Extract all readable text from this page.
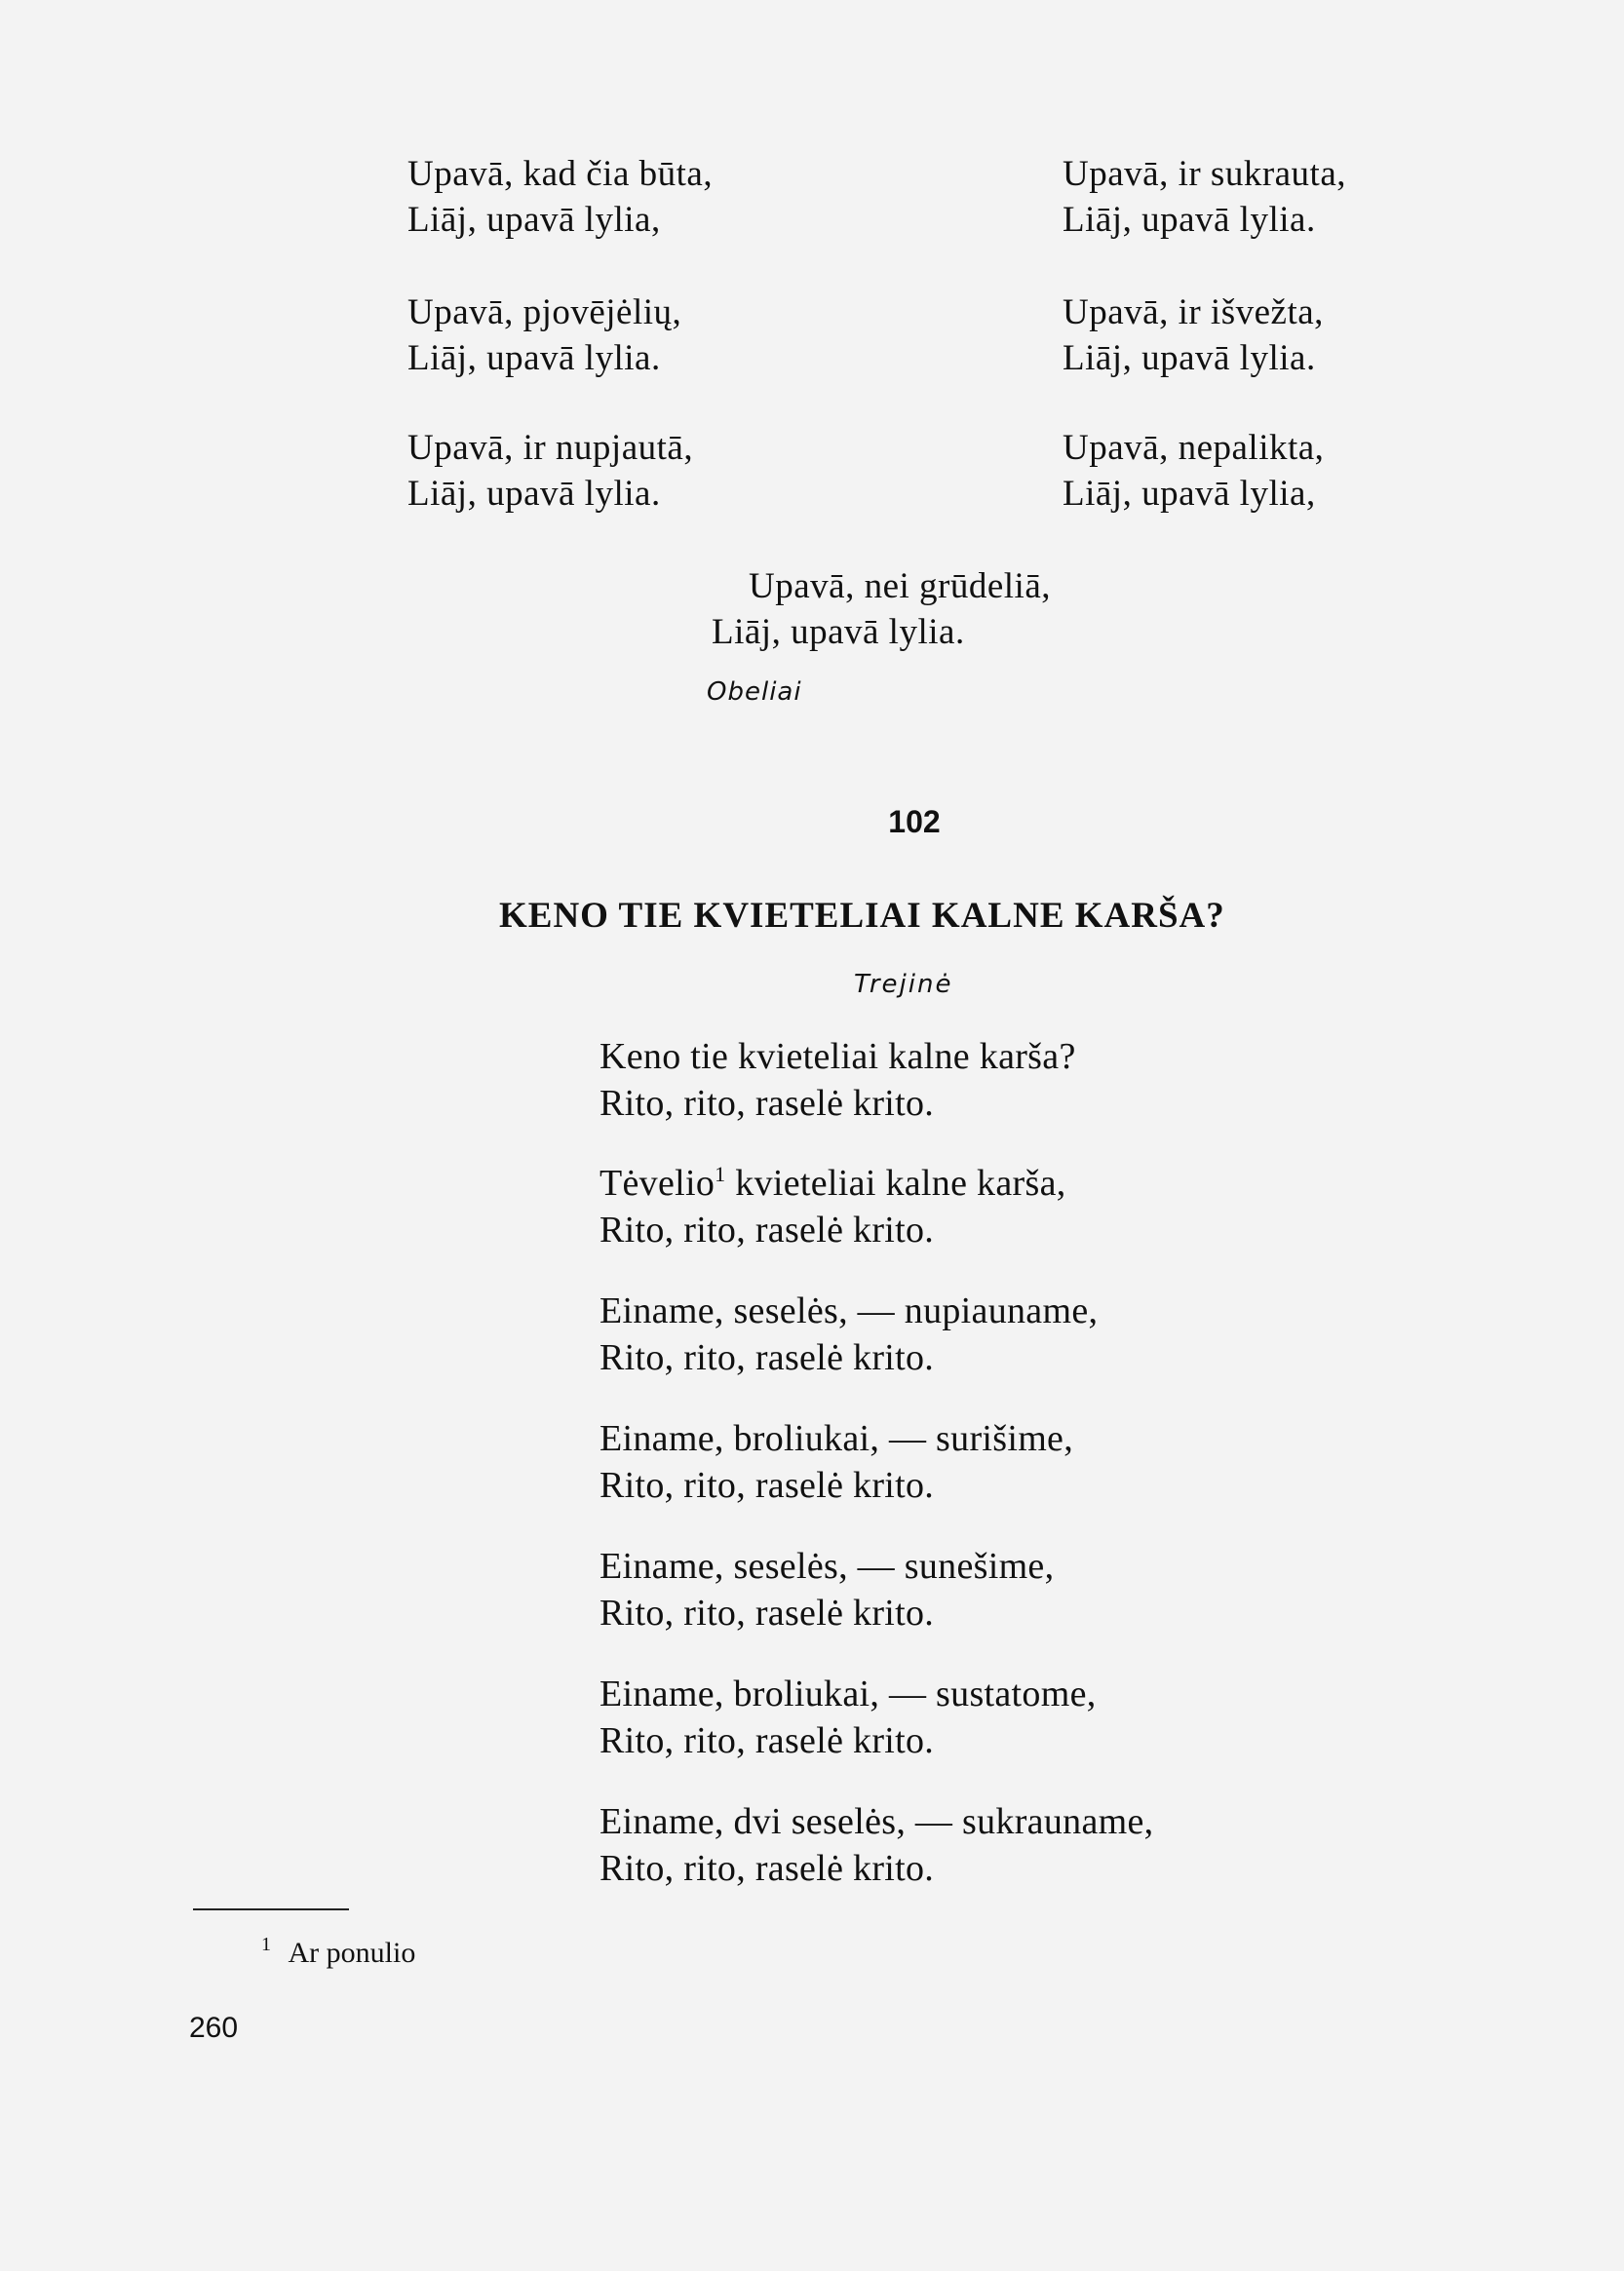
Upavā, kad čia būta,
Liāj, upavā lylia,
Upavā, pjovējėlių,
Liāj, upavā lylia.
Upavā, ir nupjautā,
Liāj, upavā lylia.
Upavā, ir sukrauta,
Liāj, upavā lylia.
Upavā, ir išvežta,
Liāj, upavā lylia.
Upavā, nepalikta,
Liāj, upavā lylia,
Upavā, nei grūdeliā,
Liāj, upavā lylia.
Obeliai
102
KENO TIE KVIETELIAI KALNE KARŠA?
Trejinė
Keno tie kvieteliai kalne karša?
Rito, rito, raselė krito.
Tėvelio$^1$ kvieteliai kalne karša,
Rito, rito, raselė krito.
Einame, seselės, — nupiauname,
Rito, rito, raselė krito.
Einame, broliukai, — surišime,
Rito, rito, raselė krito.
Einame, seselės, — sunešime,
Rito, rito, raselė krito.
Einame, broliukai, — sustatome,
Rito, rito, raselė krito.
Einame, dvi seselės, — sukrauname,
Rito, rito, raselė krito.
$^1$ Ar ponulio
260
